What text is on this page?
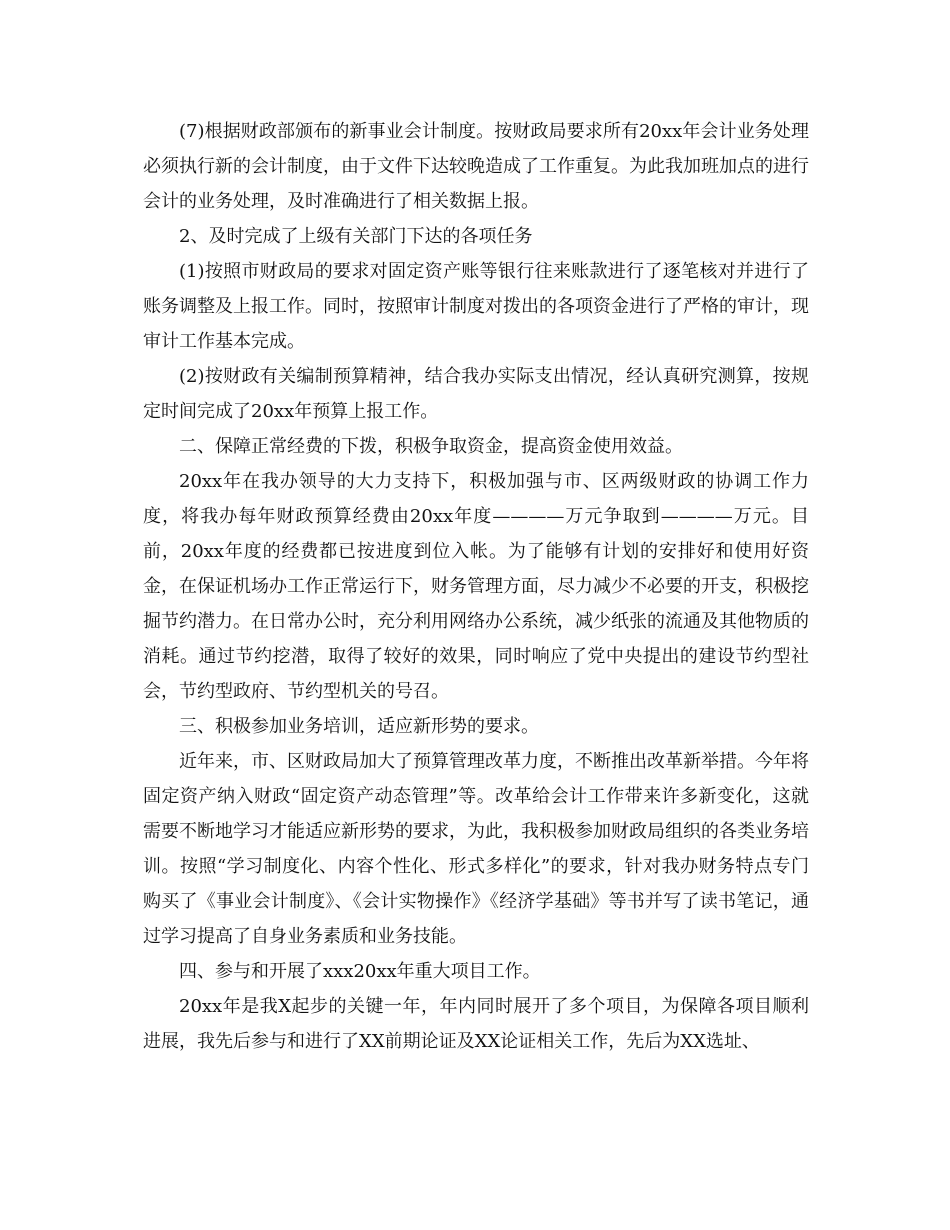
(7)根据财政部颁布的新事业会计制度。按财政局要求所有20xx年会计业务处理必须执行新的会计制度，由于文件下达较晚造成了工作重复。为此我加班加点的进行会计的业务处理，及时准确进行了相关数据上报。

2、及时完成了上级有关部门下达的各项任务

(1)按照市财政局的要求对固定资产账等银行往来账款进行了逐笔核对并进行了账务调整及上报工作。同时，按照审计制度对拨出的各项资金进行了严格的审计，现审计工作基本完成。

(2)按财政有关编制预算精神，结合我办实际支出情况，经认真研究测算，按规定时间完成了20xx年预算上报工作。

二、保障正常经费的下拨，积极争取资金，提高资金使用效益。

20xx年在我办领导的大力支持下，积极加强与市、区两级财政的协调工作力度，将我办每年财政预算经费由20xx年度————万元争取到————万元。目前，20xx年度的经费都已按进度到位入帐。为了能够有计划的安排好和使用好资金，在保证机场办工作正常运行下，财务管理方面，尽力减少不必要的开支，积极挖掘节约潜力。在日常办公时，充分利用网络办公系统，减少纸张的流通及其他物质的消耗。通过节约挖潜，取得了较好的效果，同时响应了党中央提出的建设节约型社会，节约型政府、节约型机关的号召。

三、积极参加业务培训，适应新形势的要求。

近年来，市、区财政局加大了预算管理改革力度，不断推出改革新举措。今年将固定资产纳入财政“固定资产动态管理”等。改革给会计工作带来许多新变化，这就需要不断地学习才能适应新形势的要求，为此，我积极参加财政局组织的各类业务培训。按照“学习制度化、内容个性化、形式多样化”的要求，针对我办财务特点专门购买了《事业会计制度》、《会计实物操作》《经济学基础》等书并写了读书笔记，通过学习提高了自身业务素质和业务技能。

四、参与和开展了xxx20xx年重大项目工作。

20xx年是我X起步的关键一年，年内同时展开了多个项目，为保障各项目顺利进展，我先后参与和进行了XX前期论证及XX论证相关工作，先后为XX选址、
